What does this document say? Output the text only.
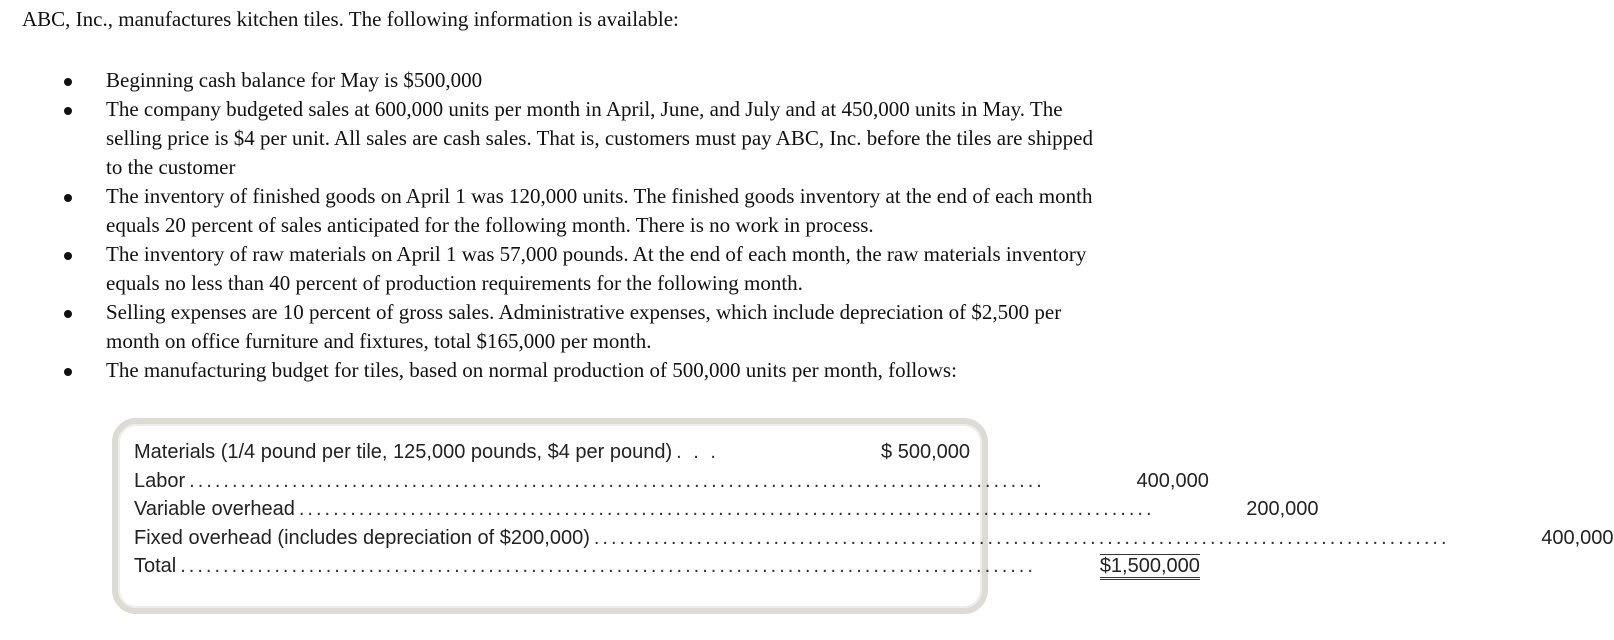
ABC, Inc., manufactures kitchen tiles. The following information is available:
Beginning cash balance for May is $500,000
The company budgeted sales at 600,000 units per month in April, June, and July and at 450,000 units in May. The selling price is $4 per unit. All sales are cash sales. That is, customers must pay ABC, Inc. before the tiles are shipped to the customer
The inventory of finished goods on April 1 was 120,000 units. The finished goods inventory at the end of each month equals 20 percent of sales anticipated for the following month. There is no work in process.
The inventory of raw materials on April 1 was 57,000 pounds. At the end of each month, the raw materials inventory equals no less than 40 percent of production requirements for the following month.
Selling expenses are 10 percent of gross sales. Administrative expenses, which include depreciation of $2,500 per month on office furniture and fixtures, total $165,000 per month.
The manufacturing budget for tiles, based on normal production of 500,000 units per month, follows:
Materials (1/4 pound per tile, 125,000 pounds, $4 per pound) . . .	$ 500,000
Labor ....................................................................................................	400,000
Variable overhead ....................................................................................................	200,000
Fixed overhead (includes depreciation of $200,000) ....................................................................................................	400,000
Total ....................................................................................................	$1,500,000
